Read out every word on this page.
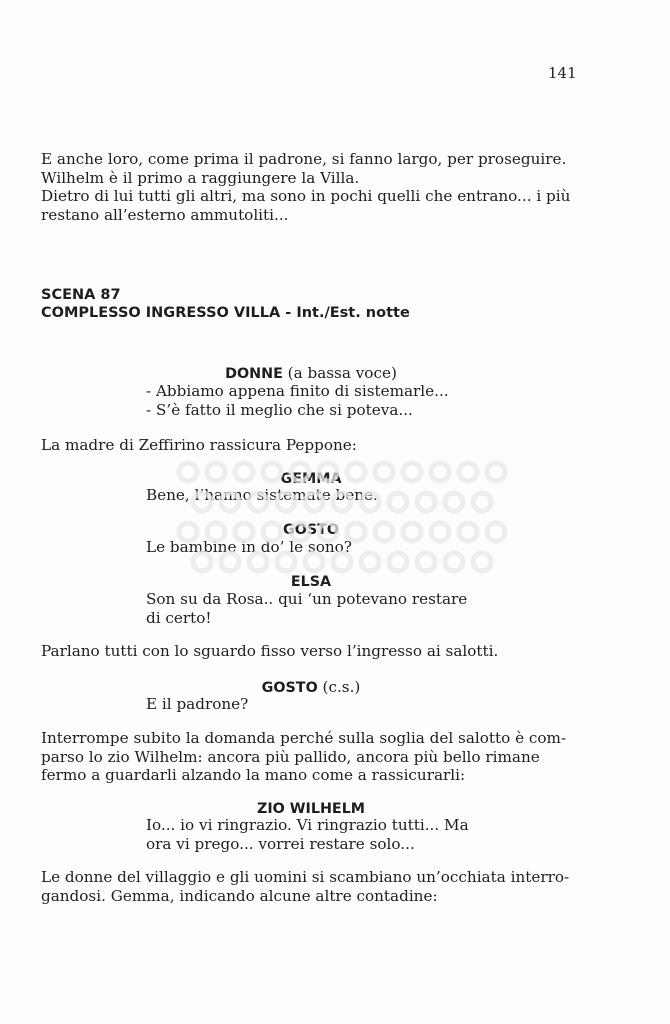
141
E anche loro, come prima il padrone, si fanno largo, per proseguire.
Wilhelm è il primo a raggiungere la Villa.
Dietro di lui tutti gli altri, ma sono in pochi quelli che entrano... i più
restano all’esterno ammutoliti...
SCENA 87
COMPLESSO INGRESSO VILLA - Int./Est. notte
DONNE (a bassa voce)
- Abbiamo appena finito di sistemarle...
- S’è fatto il meglio che si poteva...
La madre di Zeffirino rassicura Peppone:
GEMMA
Bene, l’hanno sistemate bene.
GOSTO
Le bambine in do’ le sono?
ELSA
Son su da Rosa.. qui ‘un potevano restare
di certo!
Parlano tutti con lo sguardo fisso verso l’ingresso ai salotti.
GOSTO (c.s.)
E il padrone?
Interrompe subito la domanda perché sulla soglia del salotto è com-
parso lo zio Wilhelm: ancora più pallido, ancora più bello rimane
fermo a guardarli alzando la mano come a rassicurarli:
ZIO WILHELM
Io... io vi ringrazio. Vi ringrazio tutti... Ma
ora vi prego... vorrei restare solo...
Le donne del villaggio e gli uomini si scambiano un’occhiata interro-
gandosi. Gemma, indicando alcune altre contadine:
